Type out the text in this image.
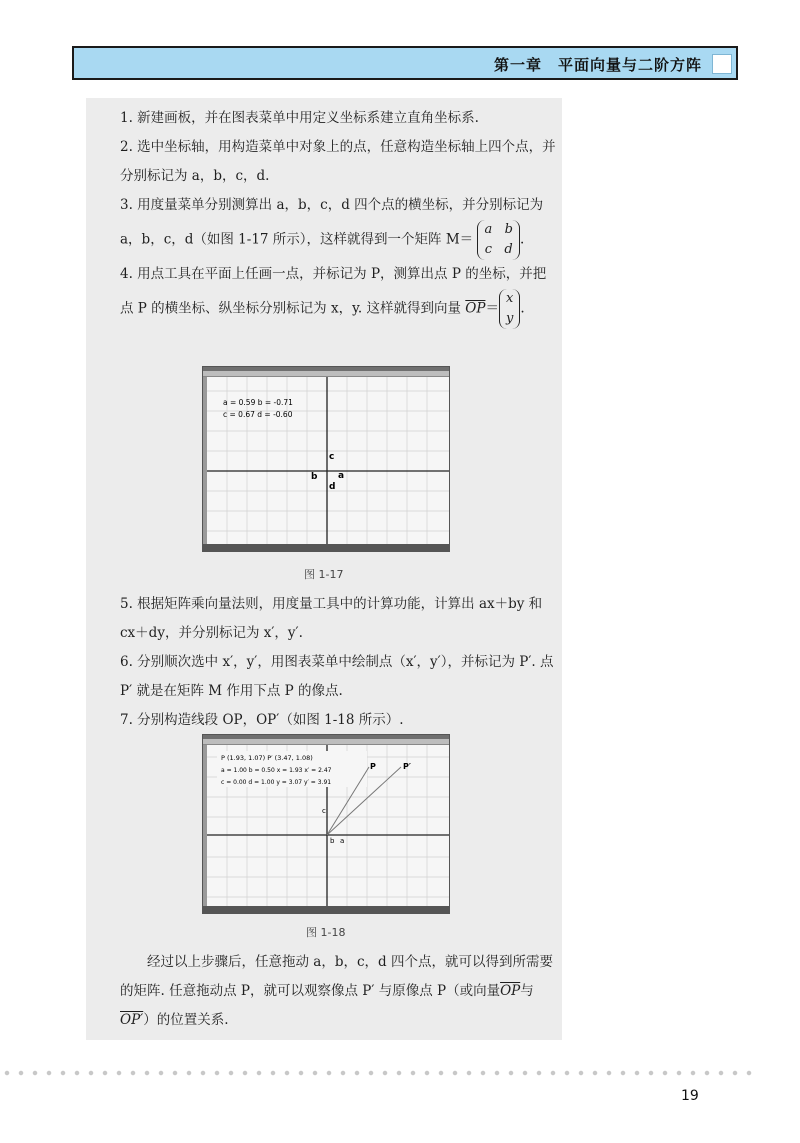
第一章　平面向量与二阶方阵

1. 新建画板，并在图表菜单中用定义坐标系建立直角坐标系.

2. 选中坐标轴，用构造菜单中对象上的点，任意构造坐标轴上四个点，并分别标记为 a，b，c，d.

3. 用度量菜单分别测算出 a，b，c，d 四个点的横坐标，并分别标记为 a，b，c，d（如图 1-17 所示），这样就得到一个矩阵 M＝
a b
c d
.

4. 用点工具在平面上任画一点，并标记为 P，测算出点 P 的坐标，并把点 P 的横坐标、纵坐标分别标记为 x，y. 这样就得到向量 $\overline{OP}=$
x
y
.

a = 0.59 b = -0.71
c = 0.67 d = -0.60
c
b a
d
图 1-17

5. 根据矩阵乘向量法则，用度量工具中的计算功能，计算出 ax＋by 和 cx＋dy，并分别标记为 x′，y′.

6. 分别顺次选中 x′，y′，用图表菜单中绘制点（x′，y′），并标记为 P′. 点 P′ 就是在矩阵 M 作用下点 P 的像点.

7. 分别构造线段 OP，OP′（如图 1-18 所示）.

P (1.93, 1.07) P′ (3.47, 1.08)
a = 1.00 b = 0.50 x = 1.93 x′ = 2.47
c = 0.00 d = 1.00 y = 3.07 y′ = 3.91
P	P′
c
b a
图 1-18

经过以上步骤后，任意拖动 a，b，c，d 四个点，就可以得到所需要的矩阵. 任意拖动点 P，就可以观察像点 P′ 与原像点 P（或向量$\overline{OP}$与OP′）的位置关系.

19
